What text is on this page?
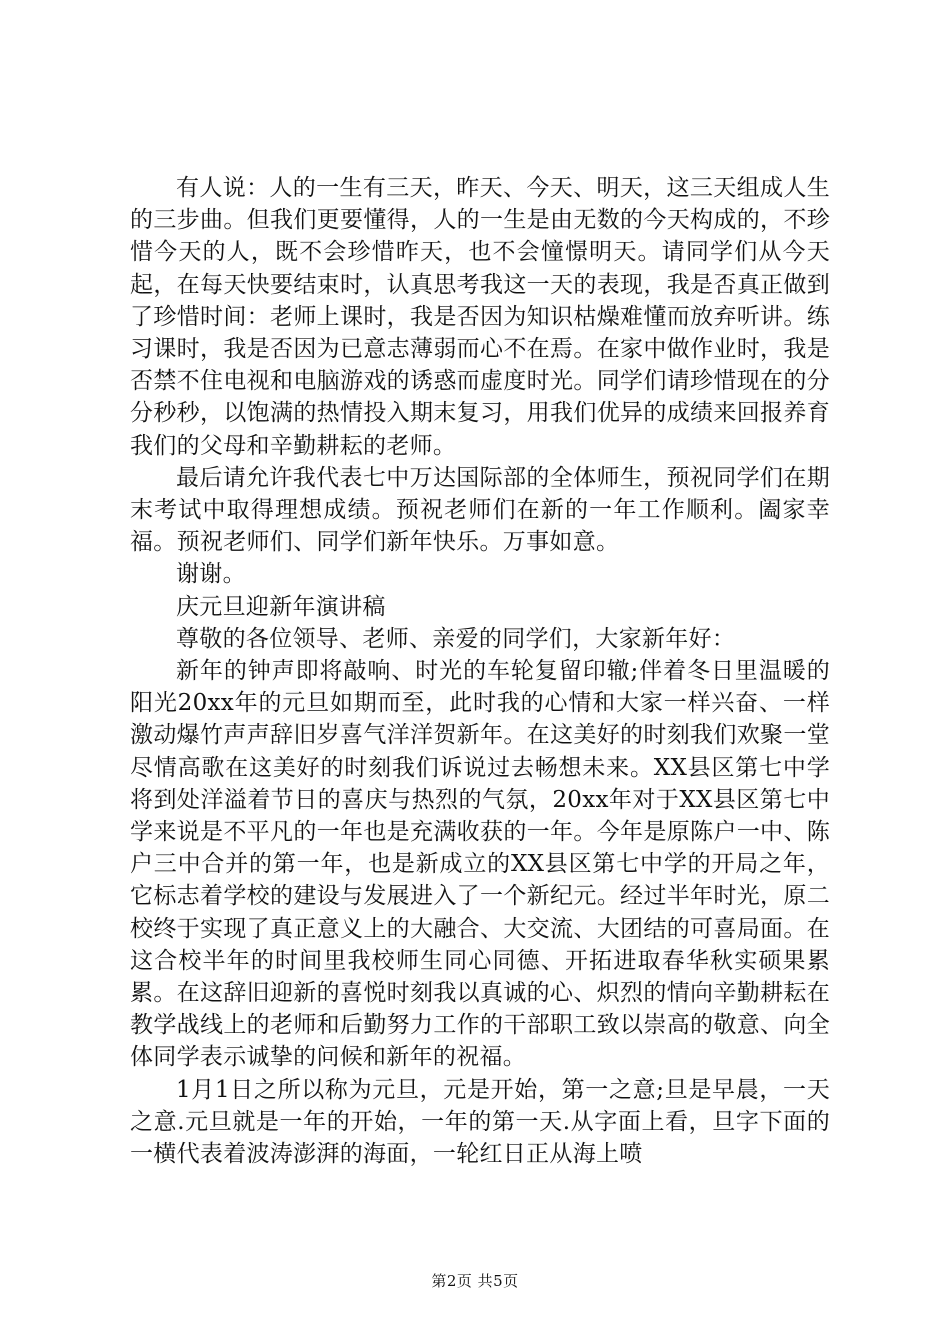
有人说：人的一生有三天，昨天、今天、明天，这三天组成人生的三步曲。但我们更要懂得，人的一生是由无数的今天构成的，不珍惜今天的人，既不会珍惜昨天，也不会憧憬明天。请同学们从今天起，在每天快要结束时，认真思考我这一天的表现，我是否真正做到了珍惜时间：老师上课时，我是否因为知识枯燥难懂而放弃听讲。练习课时，我是否因为已意志薄弱而心不在焉。在家中做作业时，我是否禁不住电视和电脑游戏的诱惑而虚度时光。同学们请珍惜现在的分分秒秒，以饱满的热情投入期末复习，用我们优异的成绩来回报养育我们的父母和辛勤耕耘的老师。

最后请允许我代表七中万达国际部的全体师生，预祝同学们在期末考试中取得理想成绩。预祝老师们在新的一年工作顺利。阖家幸福。预祝老师们、同学们新年快乐。万事如意。

谢谢。

庆元旦迎新年演讲稿

尊敬的各位领导、老师、亲爱的同学们，大家新年好：

新年的钟声即将敲响、时光的车轮复留印辙;伴着冬日里温暖的阳光20xx年的元旦如期而至，此时我的心情和大家一样兴奋、一样激动爆竹声声辞旧岁喜气洋洋贺新年。在这美好的时刻我们欢聚一堂尽情高歌在这美好的时刻我们诉说过去畅想未来。XX县区第七中学将到处洋溢着节日的喜庆与热烈的气氛，20xx年对于XX县区第七中学来说是不平凡的一年也是充满收获的一年。今年是原陈户一中、陈户三中合并的第一年，也是新成立的XX县区第七中学的开局之年，它标志着学校的建设与发展进入了一个新纪元。经过半年时光，原二校终于实现了真正意义上的大融合、大交流、大团结的可喜局面。在这合校半年的时间里我校师生同心同德、开拓进取春华秋实硕果累累。在这辞旧迎新的喜悦时刻我以真诚的心、炽烈的情向辛勤耕耘在教学战线上的老师和后勤努力工作的干部职工致以崇高的敬意、向全体同学表示诚挚的问候和新年的祝福。

1月1日之所以称为元旦，元是开始，第一之意;旦是早晨，一天之意.元旦就是一年的开始，一年的第一天.从字面上看，旦字下面的一横代表着波涛澎湃的海面，一轮红日正从海上喷

第2页 共5页
